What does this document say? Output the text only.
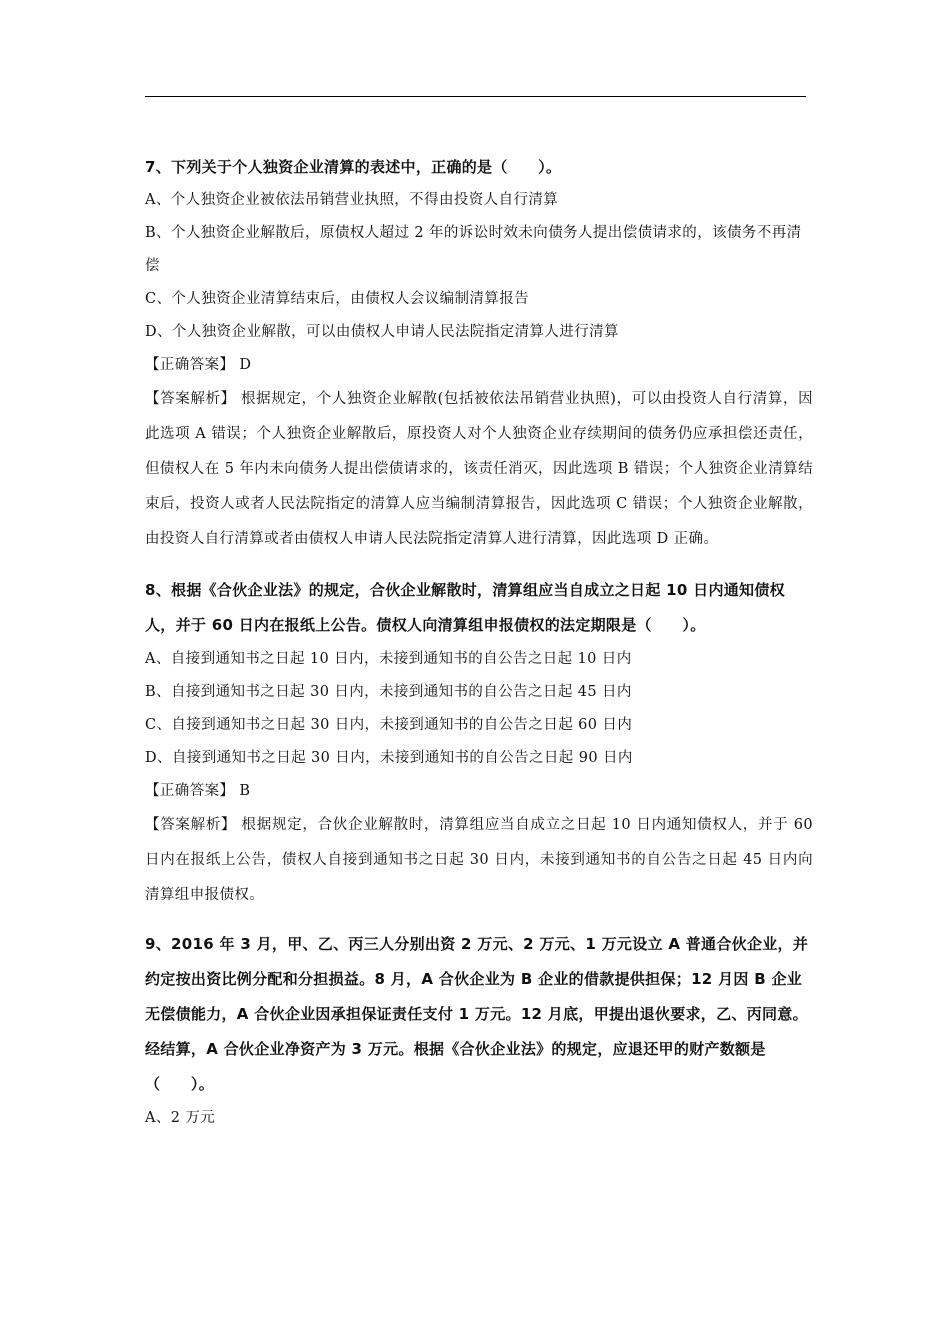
7、下列关于个人独资企业清算的表述中，正确的是（　　）。

A、个人独资企业被依法吊销营业执照，不得由投资人自行清算

B、个人独资企业解散后，原债权人超过 2 年的诉讼时效未向债务人提出偿债请求的，该债务不再清偿

C、个人独资企业清算结束后，由债权人会议编制清算报告

D、个人独资企业解散，可以由债权人申请人民法院指定清算人进行清算

【正确答案】 D

【答案解析】 根据规定，个人独资企业解散(包括被依法吊销营业执照)，可以由投资人自行清算，因此选项 A 错误；个人独资企业解散后，原投资人对个人独资企业存续期间的债务仍应承担偿还责任，但债权人在 5 年内未向债务人提出偿债请求的，该责任消灭，因此选项 B 错误；个人独资企业清算结束后，投资人或者人民法院指定的清算人应当编制清算报告，因此选项 C 错误；个人独资企业解散，由投资人自行清算或者由债权人申请人民法院指定清算人进行清算，因此选项 D 正确。

8、根据《合伙企业法》的规定，合伙企业解散时，清算组应当自成立之日起 10 日内通知债权人，并于 60 日内在报纸上公告。债权人向清算组申报债权的法定期限是（　　）。

A、自接到通知书之日起 10 日内，未接到通知书的自公告之日起 10 日内

B、自接到通知书之日起 30 日内，未接到通知书的自公告之日起 45 日内

C、自接到通知书之日起 30 日内，未接到通知书的自公告之日起 60 日内

D、自接到通知书之日起 30 日内，未接到通知书的自公告之日起 90 日内

【正确答案】 B

【答案解析】 根据规定，合伙企业解散时，清算组应当自成立之日起 10 日内通知债权人，并于 60 日内在报纸上公告，债权人自接到通知书之日起 30 日内，未接到通知书的自公告之日起 45 日内向清算组申报债权。

9、2016 年 3 月，甲、乙、丙三人分别出资 2 万元、2 万元、1 万元设立 A 普通合伙企业，并约定按出资比例分配和分担损益。8 月，A 合伙企业为 B 企业的借款提供担保；12 月因 B 企业无偿债能力，A 合伙企业因承担保证责任支付 1 万元。12 月底，甲提出退伙要求，乙、丙同意。经结算，A 合伙企业净资产为 3 万元。根据《合伙企业法》的规定，应退还甲的财产数额是（　　）。

A、2 万元
